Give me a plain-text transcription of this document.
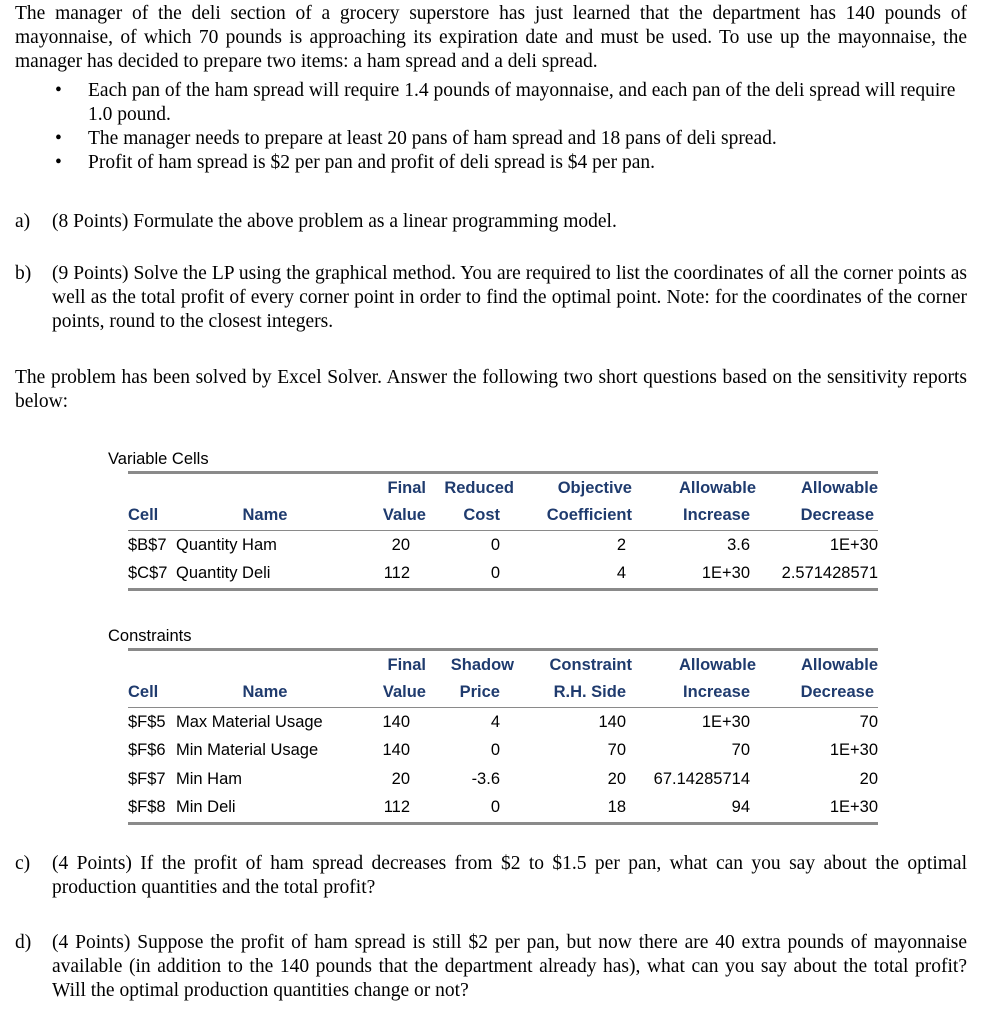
The manager of the deli section of a grocery superstore has just learned that the department has 140 pounds of mayonnaise, of which 70 pounds is approaching its expiration date and must be used. To use up the mayonnaise, the manager has decided to prepare two items: a ham spread and a deli spread.

• Each pan of the ham spread will require 1.4 pounds of mayonnaise, and each pan of the deli spread will require 1.0 pound.
• The manager needs to prepare at least 20 pans of ham spread and 18 pans of deli spread.
• Profit of ham spread is $2 per pan and profit of deli spread is $4 per pan.
a) (8 Points) Formulate the above problem as a linear programming model.
b) (9 Points) Solve the LP using the graphical method. You are required to list the coordinates of all the corner points as well as the total profit of every corner point in order to find the optimal point. Note: for the coordinates of the corner points, round to the closest integers.

The problem has been solved by Excel Solver. Answer the following two short questions based on the sensitivity reports below:

Variable Cells
		Final	Reduced	Objective	Allowable	Allowable
Cell	Name	Value	Cost	Coefficient	Increase	Decrease
$B$7	Quantity Ham	20	0	2	3.6	1E+30
$C$7	Quantity Deli	112	0	4	1E+30	2.571428571
Constraints
		Final	Shadow	Constraint	Allowable	Allowable
Cell	Name	Value	Price	R.H. Side	Increase	Decrease
$F$5	Max Material Usage	140	4	140	1E+30	70
$F$6	Min Material Usage	140	0	70	70	1E+30
$F$7	Min Ham	20	-3.6	20	67.14285714	20
$F$8	Min Deli	112	0	18	94	1E+30
c) (4 Points) If the profit of ham spread decreases from $2 to $1.5 per pan, what can you say about the optimal production quantities and the total profit?
d) (4 Points) Suppose the profit of ham spread is still $2 per pan, but now there are 40 extra pounds of mayonnaise available (in addition to the 140 pounds that the department already has), what can you say about the total profit? Will the optimal production quantities change or not?
